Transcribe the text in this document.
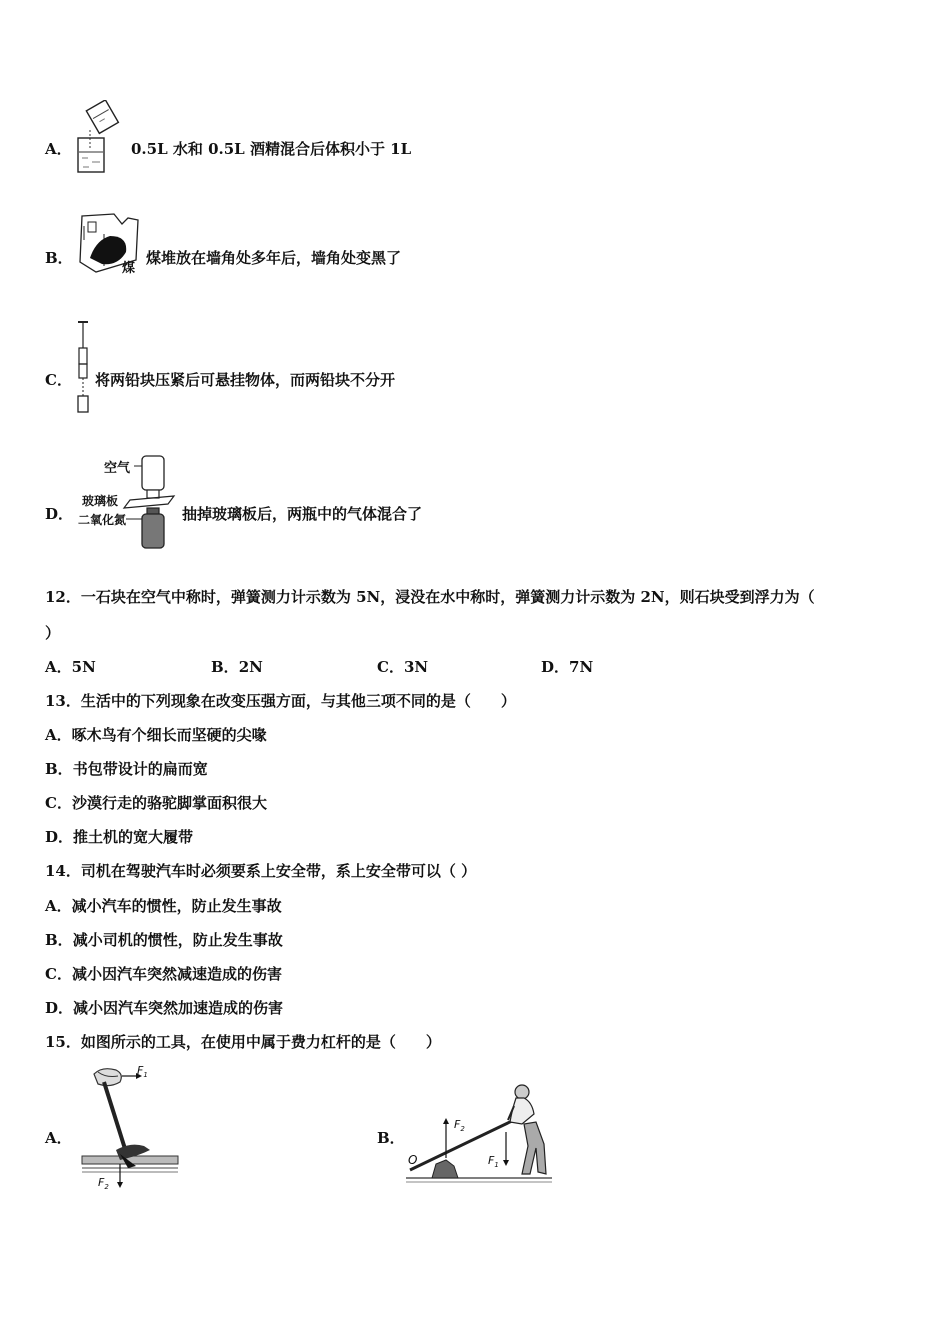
A．	0.5L 水和 0.5L 酒精混合后体积小于 1L
B．
煤
煤堆放在墙角处多年后，墙角处变黑了
C． 将两铅块压紧后可悬挂物体，而两铅块不分开
D．
空气
玻璃板
二氧化氮	抽掉玻璃板后，两瓶中的气体混合了
12．一石块在空气中称时，弹簧测力计示数为 5N，浸没在水中称时，弹簧测力计示数为 2N，则石块受到浮力为（
）
A．5N	B．2N	C．3N	D．7N
13．生活中的下列现象在改变压强方面，与其他三项不同的是（　　）
A．啄木鸟有个细长而坚硬的尖喙
B．书包带设计的扁而宽
C．沙漠行走的骆驼脚掌面积很大
D．推土机的宽大履带
14．司机在驾驶汽车时必须要系上安全带，系上安全带可以（ ）
A．减小汽车的惯性，防止发生事故
B．减小司机的惯性，防止发生事故
C．减小因汽车突然减速造成的伤害
D．减小因汽车突然加速造成的伤害
15．如图所示的工具，在使用中属于费力杠杆的是（　　）
A．
$F_1$
$F_2$
B．
O
$F_2$
$F_1$
